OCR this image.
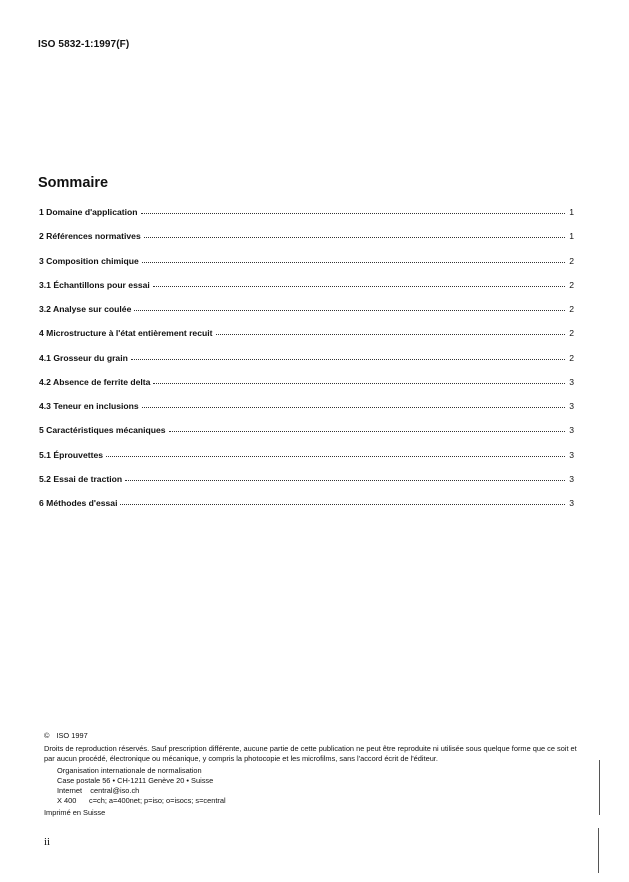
ISO 5832-1:1997(F)
Sommaire
1 Domaine d'application	1
2 Références normatives	1
3 Composition chimique	2
3.1 Échantillons pour essai	2
3.2 Analyse sur coulée	2
4 Microstructure à l'état entièrement recuit	2
4.1 Grosseur du grain	2
4.2 Absence de ferrite delta	3
4.3 Teneur en inclusions	3
5 Caractéristiques mécaniques	3
5.1 Éprouvettes	3
5.2 Essai de traction	3
6 Méthodes d'essai	3
© ISO 1997
Droits de reproduction réservés. Sauf prescription différente, aucune partie de cette publication ne peut être reproduite ni utilisée sous quelque forme que ce soit et par aucun procédé, électronique ou mécanique, y compris la photocopie et les microfilms, sans l'accord écrit de l'éditeur.
Organisation internationale de normalisation
Case postale 56 • CH-1211 Genève 20 • Suisse
Internet    central@iso.ch
X 400	c=ch; a=400net; p=iso; o=isocs; s=central
Imprimé en Suisse
ii
